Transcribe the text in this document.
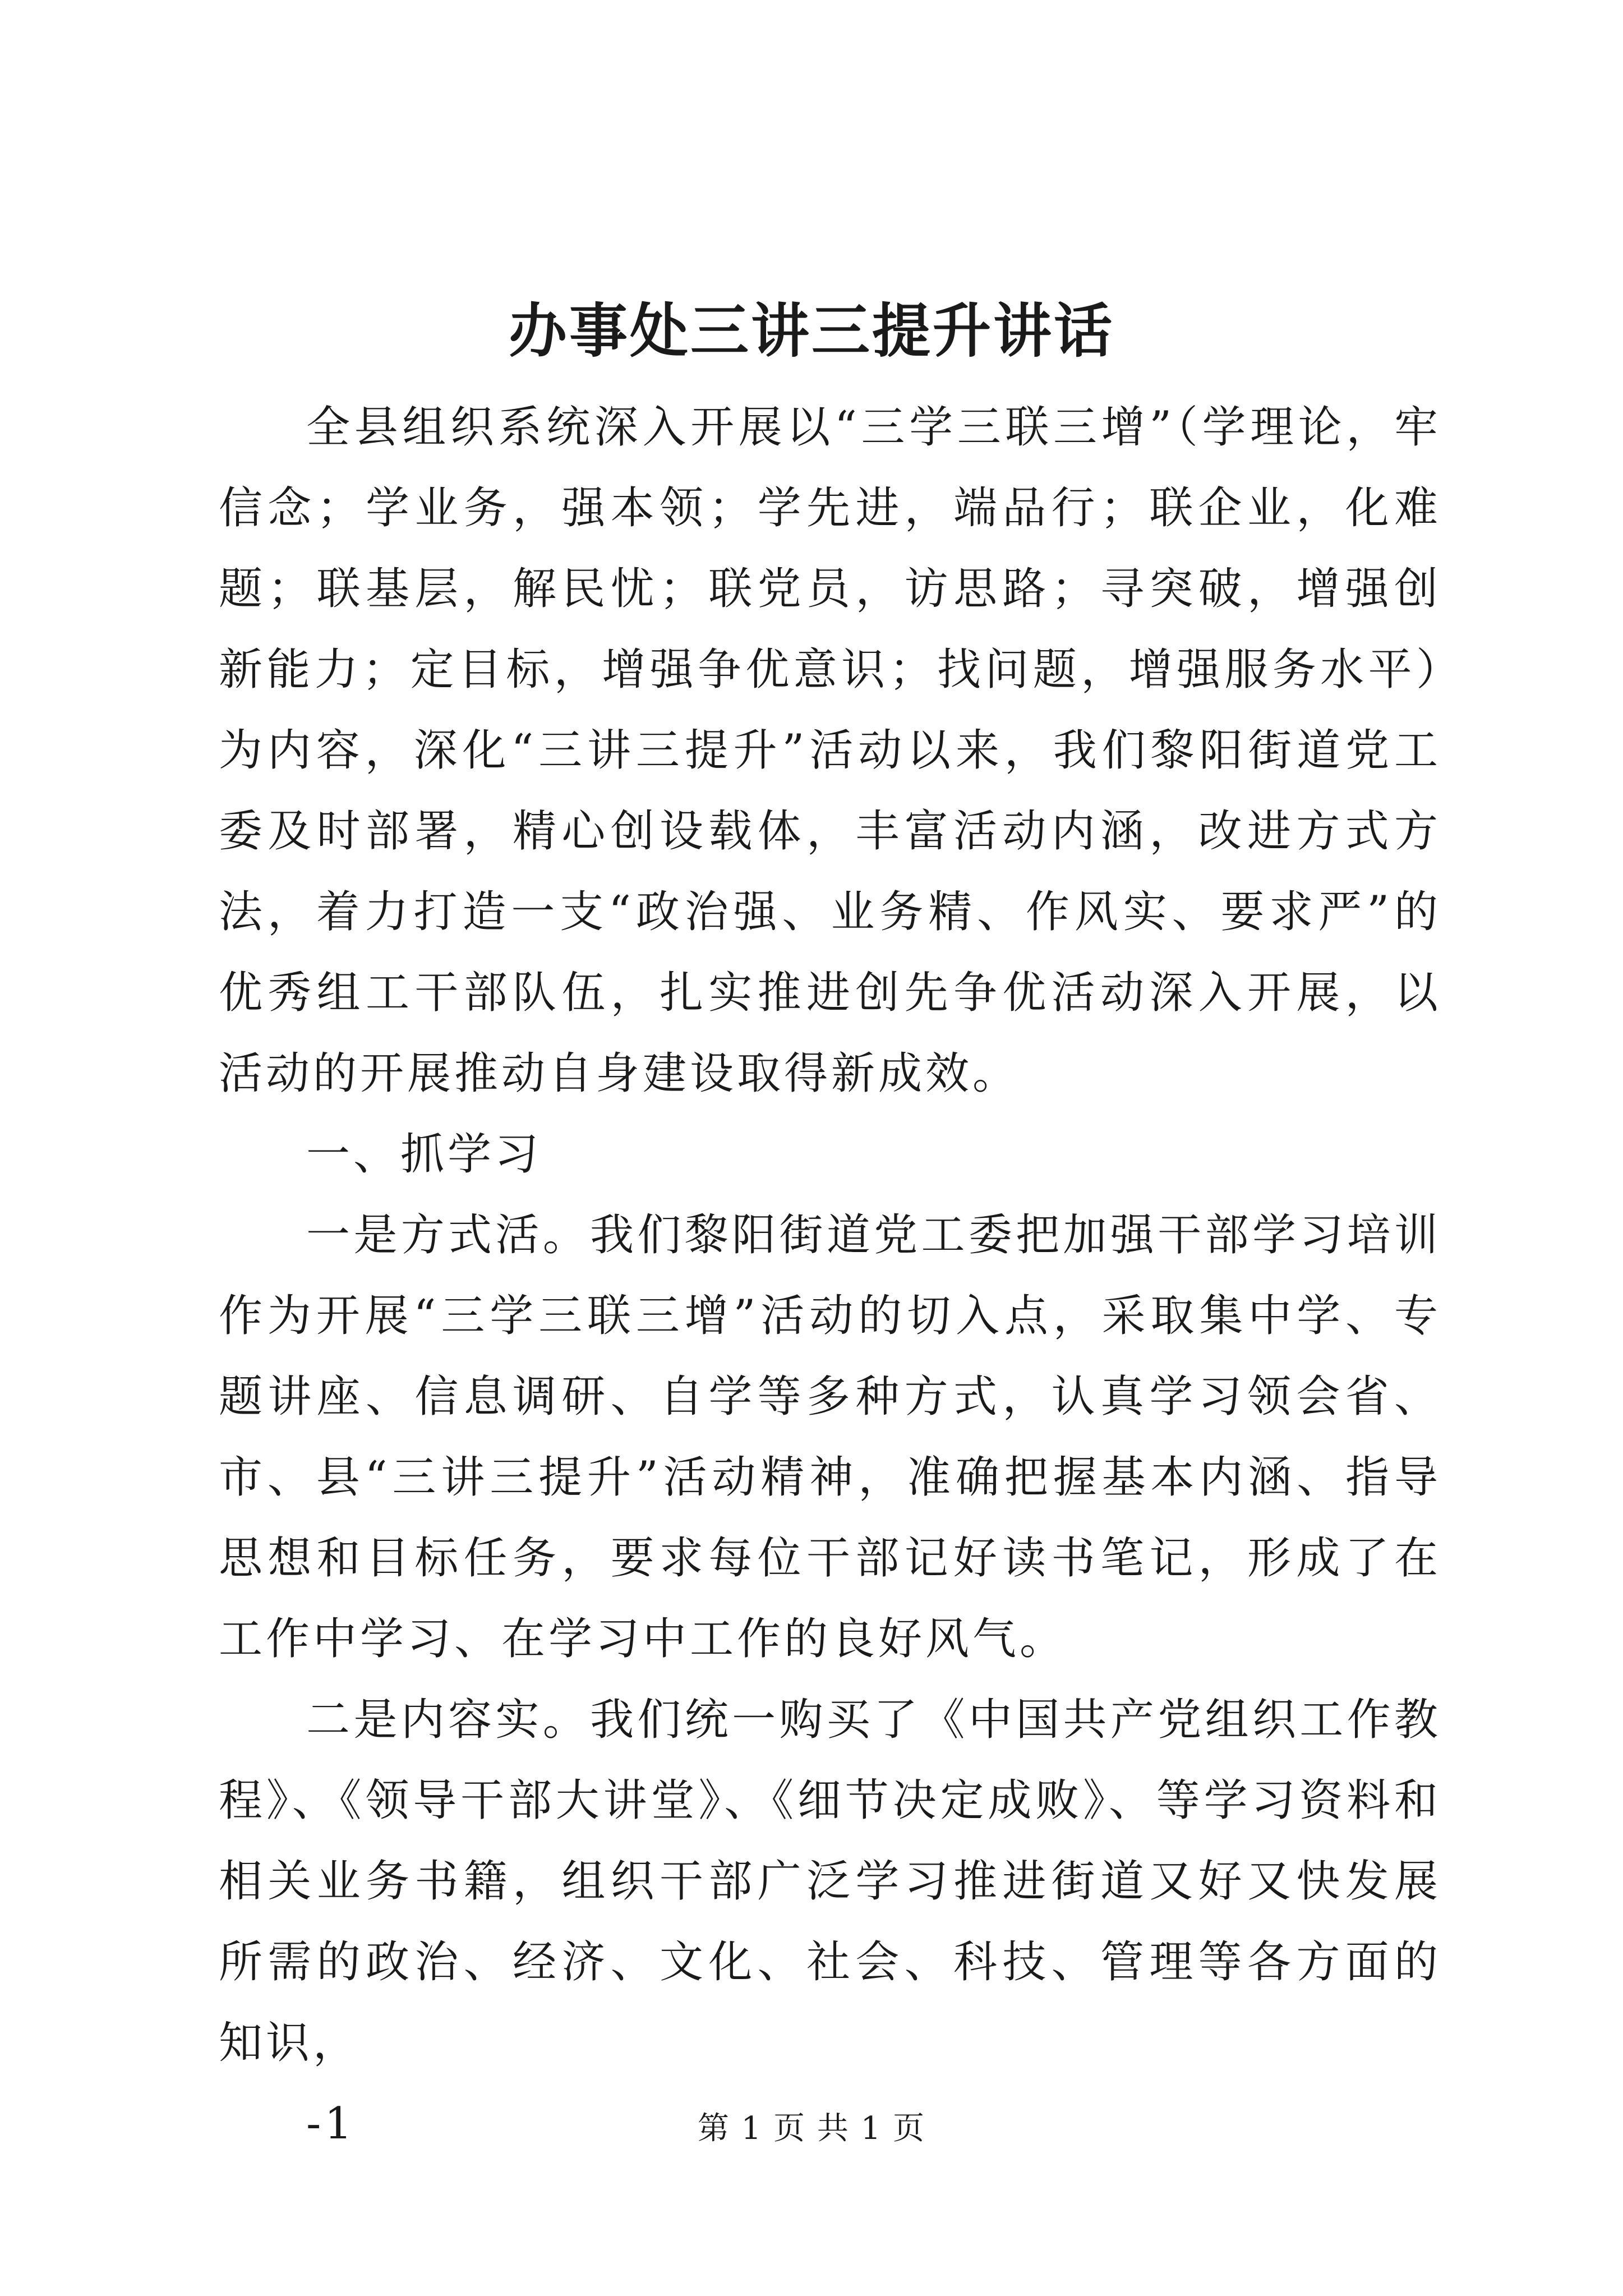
办事处三讲三提升讲话

全县组织系统深入开展以“三学三联三增”（学理论，牢信念；学业务，强本领；学先进，端品行；联企业，化难题；联基层，解民忧；联党员，访思路；寻突破，增强创新能力；定目标，增强争优意识；找问题，增强服务水平）为内容，深化“三讲三提升”活动以来，我们黎阳街道党工委及时部署，精心创设载体，丰富活动内涵，改进方式方法，着力打造一支“政治强、业务精、作风实、要求严”的优秀组工干部队伍，扎实推进创先争优活动深入开展，以活动的开展推动自身建设取得新成效。

一、抓学习

一是方式活。我们黎阳街道党工委把加强干部学习培训作为开展“三学三联三增”活动的切入点，采取集中学、专题讲座、信息调研、自学等多种方式，认真学习领会省、市、县“三讲三提升”活动精神，准确把握基本内涵、指导思想和目标任务，要求每位干部记好读书笔记，形成了在工作中学习、在学习中工作的良好风气。

二是内容实。我们统一购买了《中国共产党组织工作教程》、《领导干部大讲堂》、《细节决定成败》、等学习资料和相关业务书籍，组织干部广泛学习推进街道又好又快发展所需的政治、经济、文化、社会、科技、管理等各方面的知识，

-1	第 1 页 共 1 页
